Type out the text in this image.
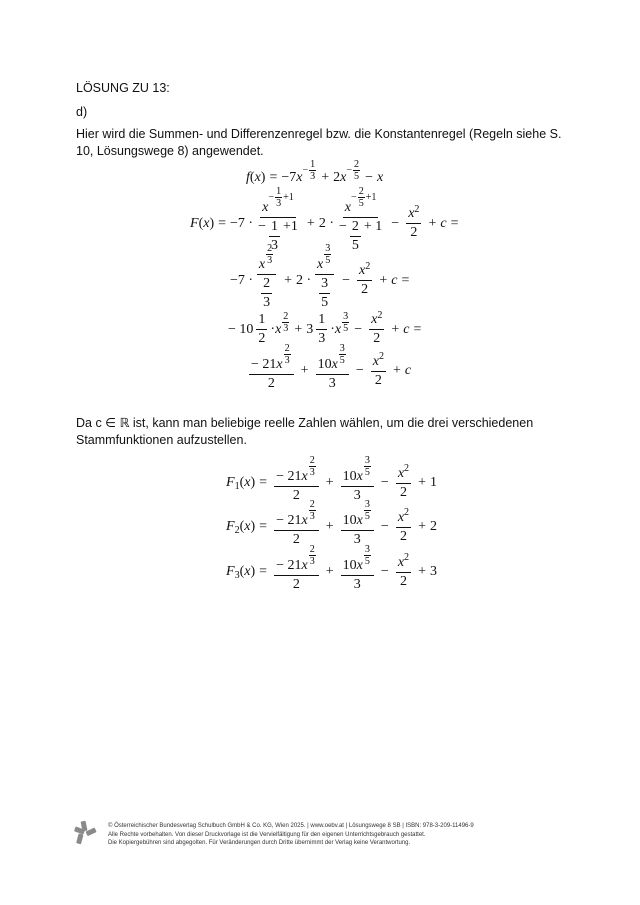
LÖSUNG ZU 13:
d)
Hier wird die Summen- und Differenzenregel bzw. die Konstantenregel (Regeln siehe S. 10, Lösungswege 8) angewendet.
f ( x ) = −7 $x - \frac{1}{3} + 2$ $x - \frac{2}{5} - x$
F ( x ) = −7 · x
− $\frac{1}{3} +1$
− $\frac{1}{3} +1 + 2 \cdot x$
− $\frac{2}{5} +1$
− $\frac{2}{5} + 1 - \frac{x 2}{2} + c$ =
$-7 \cdot \frac{x \frac{2}{3}}{\frac{2}{3}} + 2 \cdot \frac{x \frac{3}{5}}{\frac{3}{5}} - \frac{x 2}{2} + c$ =
− $10 \frac{1}{2} \cdot x \frac{2}{3} + 3 \frac{1}{3} \cdot x \frac{3}{5} - \frac{x 2}{2} + c$ =
$\frac{- 21 x \frac{2}{3}}{2} + \frac{10 x \frac{3}{5}}{3} - \frac{x 2}{2} + c$
Da c ∈ ℝ ist, kann man beliebige reelle Zahlen wählen, um die drei verschiedenen Stammfunktionen aufzustellen.
F 1 ( x ) = $\frac{- 21 x \frac{2}{3}}{2} + \frac{10 x \frac{3}{5}}{3} - \frac{x 2}{2} + 1$
F 2 ( x ) = $\frac{- 21 x \frac{2}{3}}{2} + \frac{10 x \frac{3}{5}}{3} - \frac{x 2}{2} + 2$
F 3 ( x ) = $\frac{- 21 x \frac{2}{3}}{2} + \frac{10 x \frac{3}{5}}{3} - \frac{x 2}{2} + 3$
© Österreichischer Bundesverlag Schulbuch GmbH & Co. KG, Wien 2025. | www.oebv.at | Lösungswege 8 SB | ISBN: 978-3-209-11496-9
Alle Rechte vorbehalten. Von dieser Druckvorlage ist die Vervielfältigung für den eigenen Unterrichtsgebrauch gestattet.
Die Kopiergebühren sind abgegolten. Für Veränderungen durch Dritte übernimmt der Verlag keine Verantwortung.
